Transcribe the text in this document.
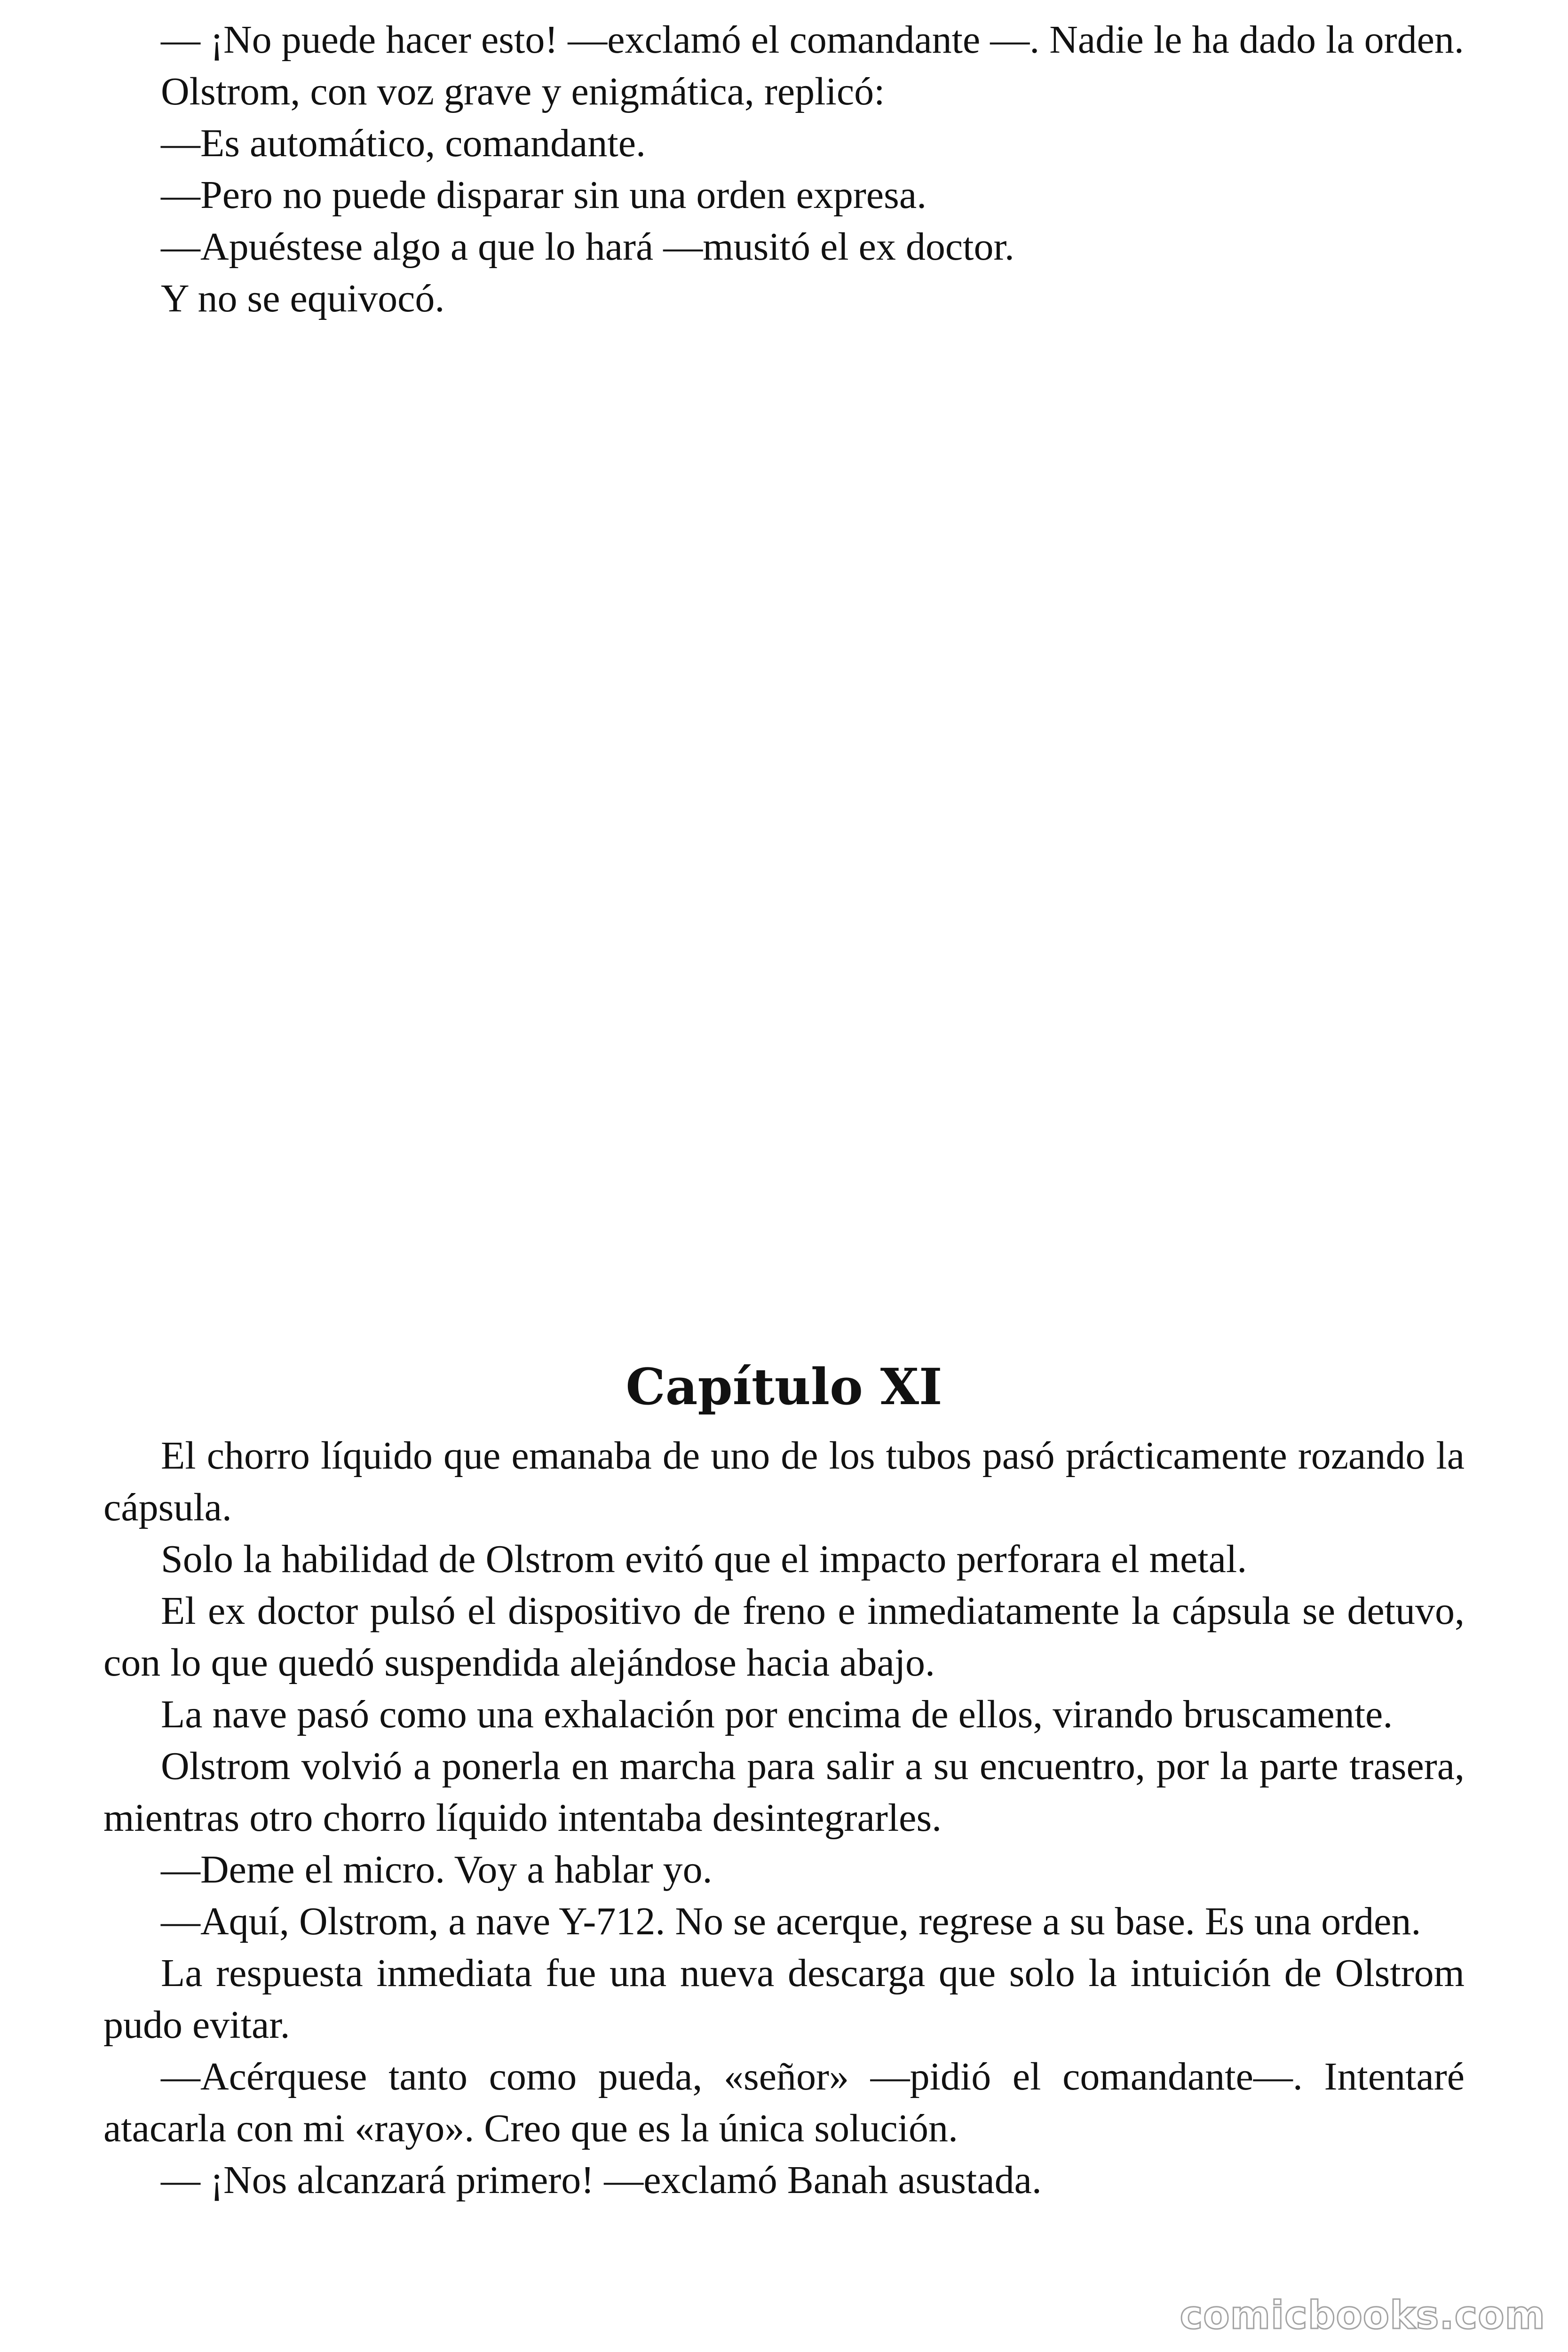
— ¡No puede hacer esto! —exclamó el comandante —. Nadie le ha dado la orden.

Olstrom, con voz grave y enigmática, replicó:

—Es automático, comandante.

—Pero no puede disparar sin una orden expresa.

—Apuéstese algo a que lo hará —musitó el ex doctor.

Y no se equivocó.

Capítulo XI

El chorro líquido que emanaba de uno de los tubos pasó prácticamente rozando la cápsula.

Solo la habilidad de Olstrom evitó que el impacto perforara el metal.

El ex doctor pulsó el dispositivo de freno e inmediatamente la cápsula se detuvo, con lo que quedó suspendida alejándose hacia abajo.

La nave pasó como una exhalación por encima de ellos, virando bruscamente.

Olstrom volvió a ponerla en marcha para salir a su encuentro, por la parte trasera, mientras otro chorro líquido intentaba desintegrarles.

—Deme el micro. Voy a hablar yo.

—Aquí, Olstrom, a nave Y-712. No se acerque, regrese a su base. Es una orden.

La respuesta inmediata fue una nueva descarga que solo la intuición de Olstrom pudo evitar.

—Acérquese tanto como pueda, «señor» —pidió el comandante—. Intentaré atacarla con mi «rayo». Creo que es la única solución.

— ¡Nos alcanzará primero! —exclamó Banah asustada.

comicbooks.com
